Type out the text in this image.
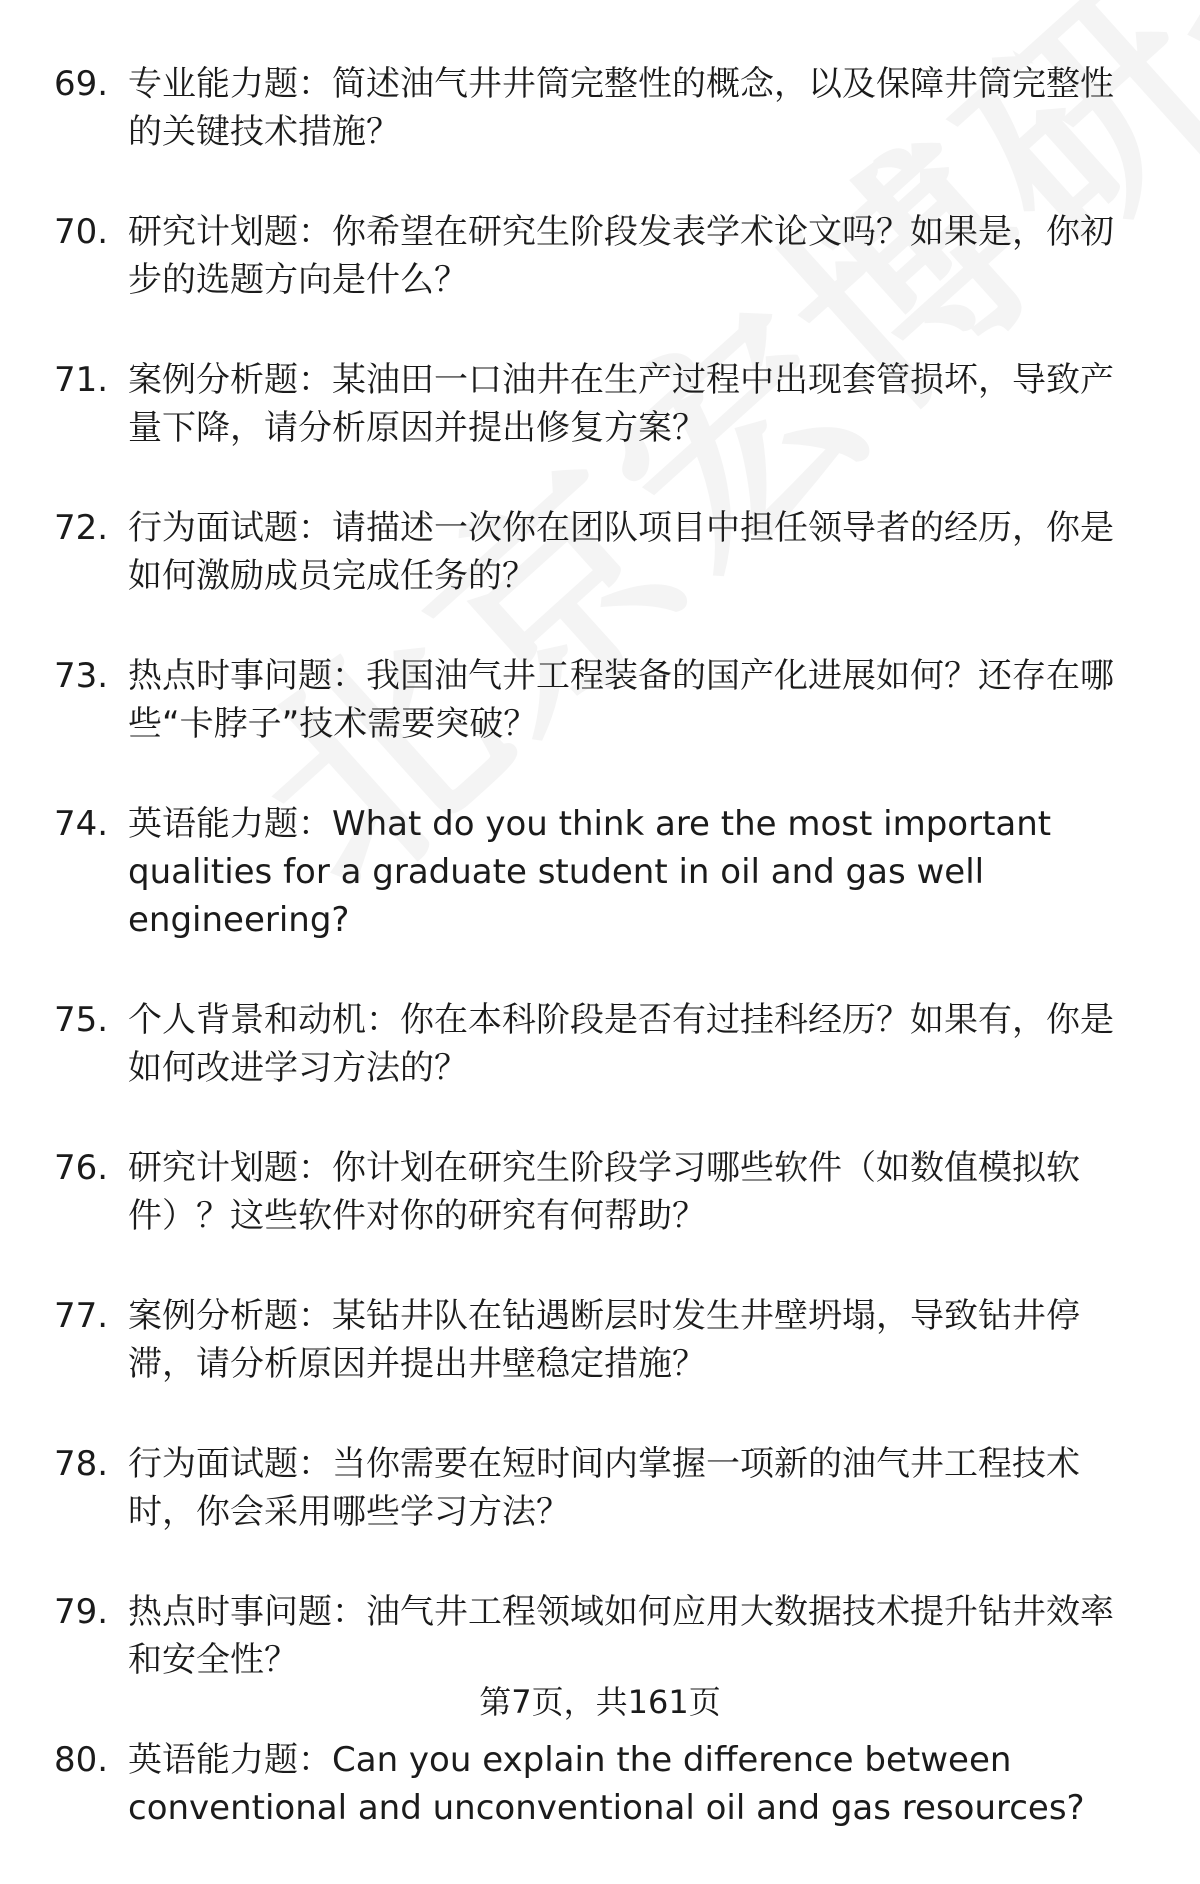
69. 专业能力题：简述油气井井筒完整性的概念，以及保障井筒完整性的关键技术措施？
70. 研究计划题：你希望在研究生阶段发表学术论文吗？如果是，你初步的选题方向是什么？
71. 案例分析题：某油田一口油井在生产过程中出现套管损坏，导致产量下降，请分析原因并提出修复方案？
72. 行为面试题：请描述一次你在团队项目中担任领导者的经历，你是如何激励成员完成任务的？
73. 热点时事问题：我国油气井工程装备的国产化进展如何？还存在哪些“卡脖子”技术需要突破？
74. 英语能力题：What do you think are the most important qualities for a graduate student in oil and gas well engineering?
75. 个人背景和动机：你在本科阶段是否有过挂科经历？如果有，你是如何改进学习方法的？
76. 研究计划题：你计划在研究生阶段学习哪些软件（如数值模拟软件）？这些软件对你的研究有何帮助？
77. 案例分析题：某钻井队在钻遇断层时发生井壁坍塌，导致钻井停滞，请分析原因并提出井壁稳定措施？
78. 行为面试题：当你需要在短时间内掌握一项新的油气井工程技术时，你会采用哪些学习方法？
79. 热点时事问题：油气井工程领域如何应用大数据技术提升钻井效率和安全性？
80. 英语能力题：Can you explain the difference between conventional and unconventional oil and gas resources?
第7页，共161页
